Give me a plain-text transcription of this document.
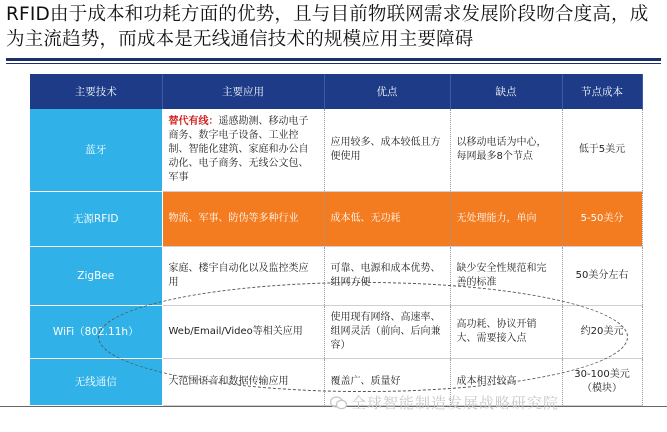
RFID由于成本和功耗方面的优势，且与目前物联网需求发展阶段吻合度高，成为主流趋势，而成本是无线通信技术的规模应用主要障碍
主要技术	主要应用	优点	缺点	节点成本
蓝牙	替代有线：遥感勘测、移动电子商务、数字电子设备、工业控制、智能化建筑、家庭和办公自动化、电子商务、无线公文包、军事	应用较多、成本较低且方便使用	以移动电话为中心，每网最多8个节点	低于5美元
无源RFID	物流、军事、防伪等多种行业	成本低、无功耗	无处理能力，单向	5-50美分
ZigBee	家庭、楼宇自动化以及监控类应用	可靠、电源和成本优势、组网方便	缺少安全性规范和完善的标准	50美分左右
WiFi（802.11h）	Web/Email/Video等相关应用	使用现有网络、高速率、组网灵活（前向、后向兼容）	高功耗、协议开销大、需要接入点	约20美元
无线通信	大范围语音和数据传输应用	覆盖广、质量好	成本相对较高	30-100美元（模块）
全球智能制造发展战略研究院
